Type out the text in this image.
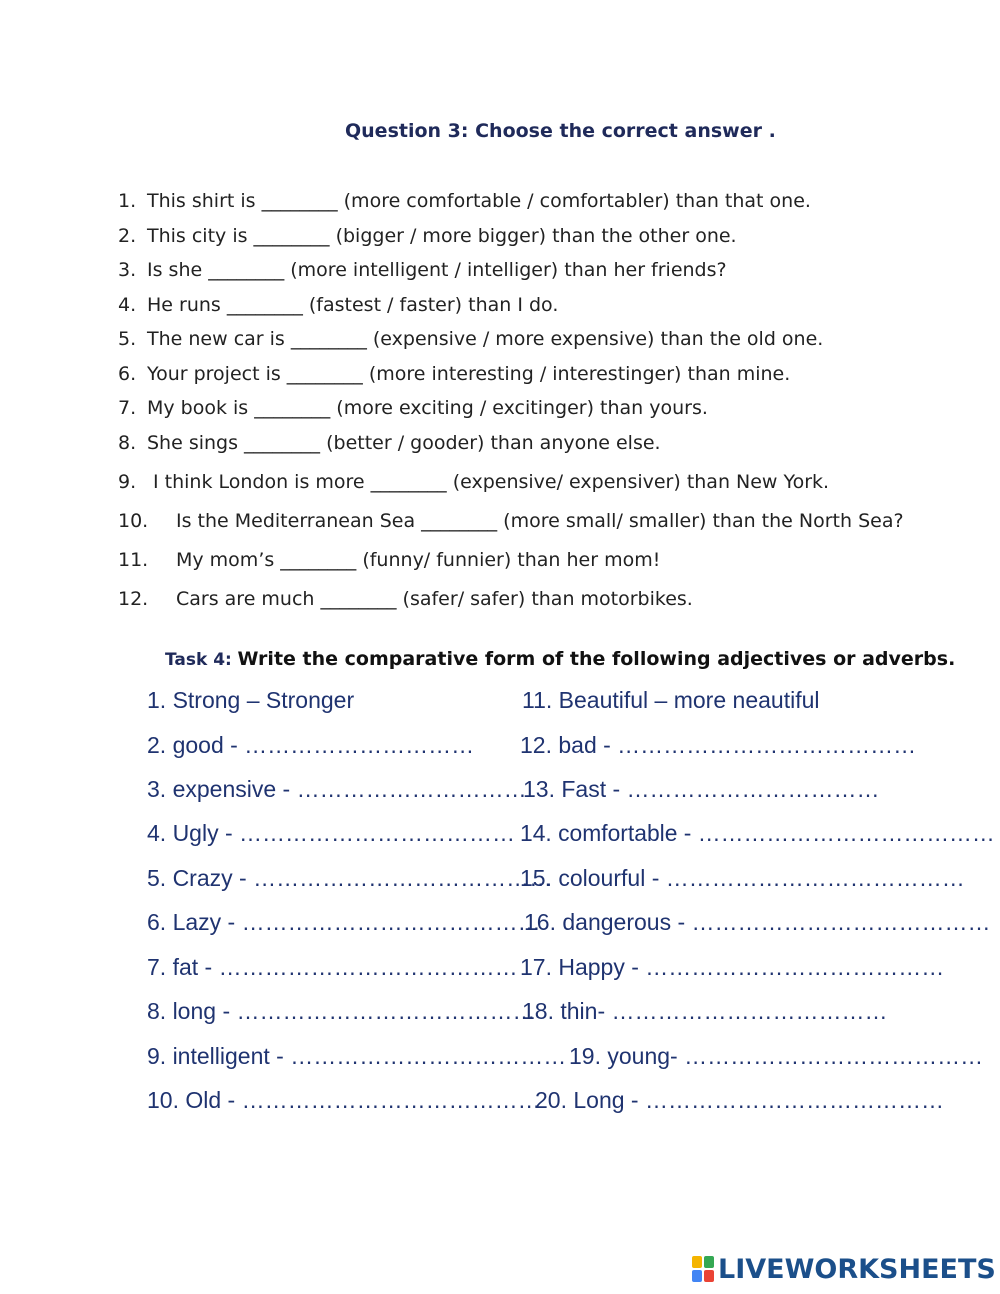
Question 3: Choose the correct answer .
1. This shirt is ________ (more comfortable / comfortabler) than that one.
2. This city is ________ (bigger / more bigger) than the other one.
3. Is she ________ (more intelligent / intelliger) than her friends?
4. He runs ________ (fastest / faster) than I do.
5. The new car is ________ (expensive / more expensive) than the old one.
6. Your project is ________ (more interesting / interestinger) than mine.
7. My book is ________ (more exciting / excitinger) than yours.
8. She sings ________ (better / gooder) than anyone else.
9. I think London is more ________ (expensive/ expensiver) than New York.
10. Is the Mediterranean Sea ________ (more small/ smaller) than the North Sea?
11. My mom’s ________ (funny/ funnier) than her mom!
12. Cars are much ________ (safer/ safer) than motorbikes.
Task 4: Write the comparative form of the following adjectives or adverbs.
1. Strong – Stronger
2. good - …………………………
3. expensive - …………………………
4. Ugly - ………………………………
5. Crazy - …………………………………
6. Lazy - …………………………………
7. fat - …………………………………
8. long - …………………………………
9. intelligent - ………………………………
10. Old - …………………………………
11. Beautiful – more neautiful
12. bad - …………………………………
13. Fast - ……………………………
14. comfortable - …………………………………
15. colourful - …………………………………
16. dangerous - …………………………………
17. Happy - …………………………………
18. thin- ………………………………
19. young- …………………………………
20. Long - …………………………………
LIVEWORKSHEETS
